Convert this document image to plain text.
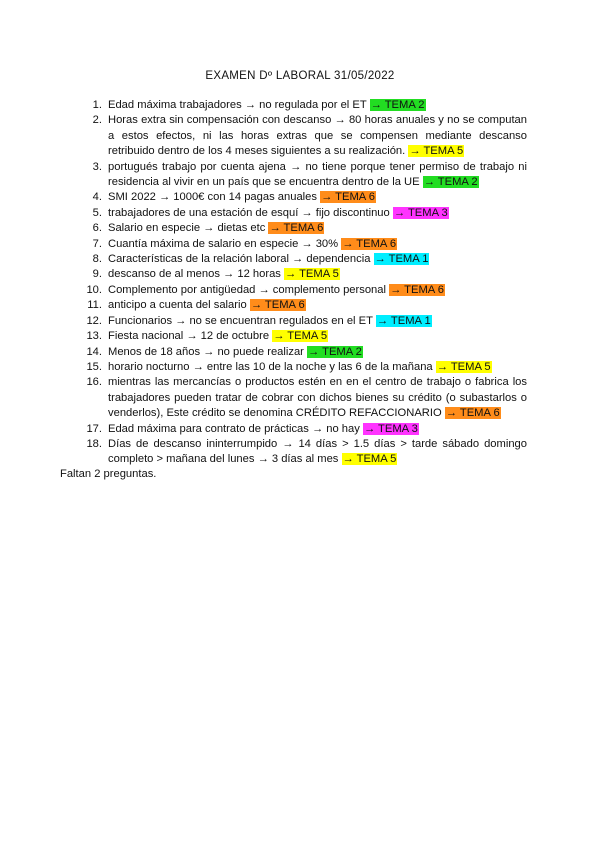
EXAMEN Dº LABORAL 31/05/2022
1. Edad máxima trabajadores → no regulada por el ET → TEMA 2
2. Horas extra sin compensación con descanso → 80 horas anuales y no se computan a estos efectos, ni las horas extras que se compensen mediante descanso retribuido dentro de los 4 meses siguientes a su realización. → TEMA 5
3. portugués trabajo por cuenta ajena → no tiene porque tener permiso de trabajo ni residencia al vivir en un país que se encuentra dentro de la UE → TEMA 2
4. SMI 2022 → 1000€ con 14 pagas anuales → TEMA 6
5. trabajadores de una estación de esquí → fijo discontinuo → TEMA 3
6. Salario en especie → dietas etc → TEMA 6
7. Cuantía máxima de salario en especie → 30% → TEMA 6
8. Características de la relación laboral → dependencia → TEMA 1
9. descanso de al menos → 12 horas → TEMA 5
10. Complemento por antigüedad → complemento personal → TEMA 6
11. anticipo a cuenta del salario → TEMA 6
12. Funcionarios → no se encuentran regulados en el ET → TEMA 1
13. Fiesta nacional → 12 de octubre → TEMA 5
14. Menos de 18 años → no puede realizar → TEMA 2
15. horario nocturno → entre las 10 de la noche y las 6 de la mañana → TEMA 5
16. mientras las mercancías o productos estén en en el centro de trabajo o fabrica los trabajadores pueden tratar de cobrar con dichos bienes su crédito (o subastarlos o venderlos), Este crédito se denomina CRÉDITO REFACCIONARIO → TEMA 6
17. Edad máxima para contrato de prácticas → no hay → TEMA 3
18. Días de descanso ininterrumpido → 14 días > 1.5 días > tarde sábado domingo completo > mañana del lunes → 3 días al mes → TEMA 5
Faltan 2 preguntas.
